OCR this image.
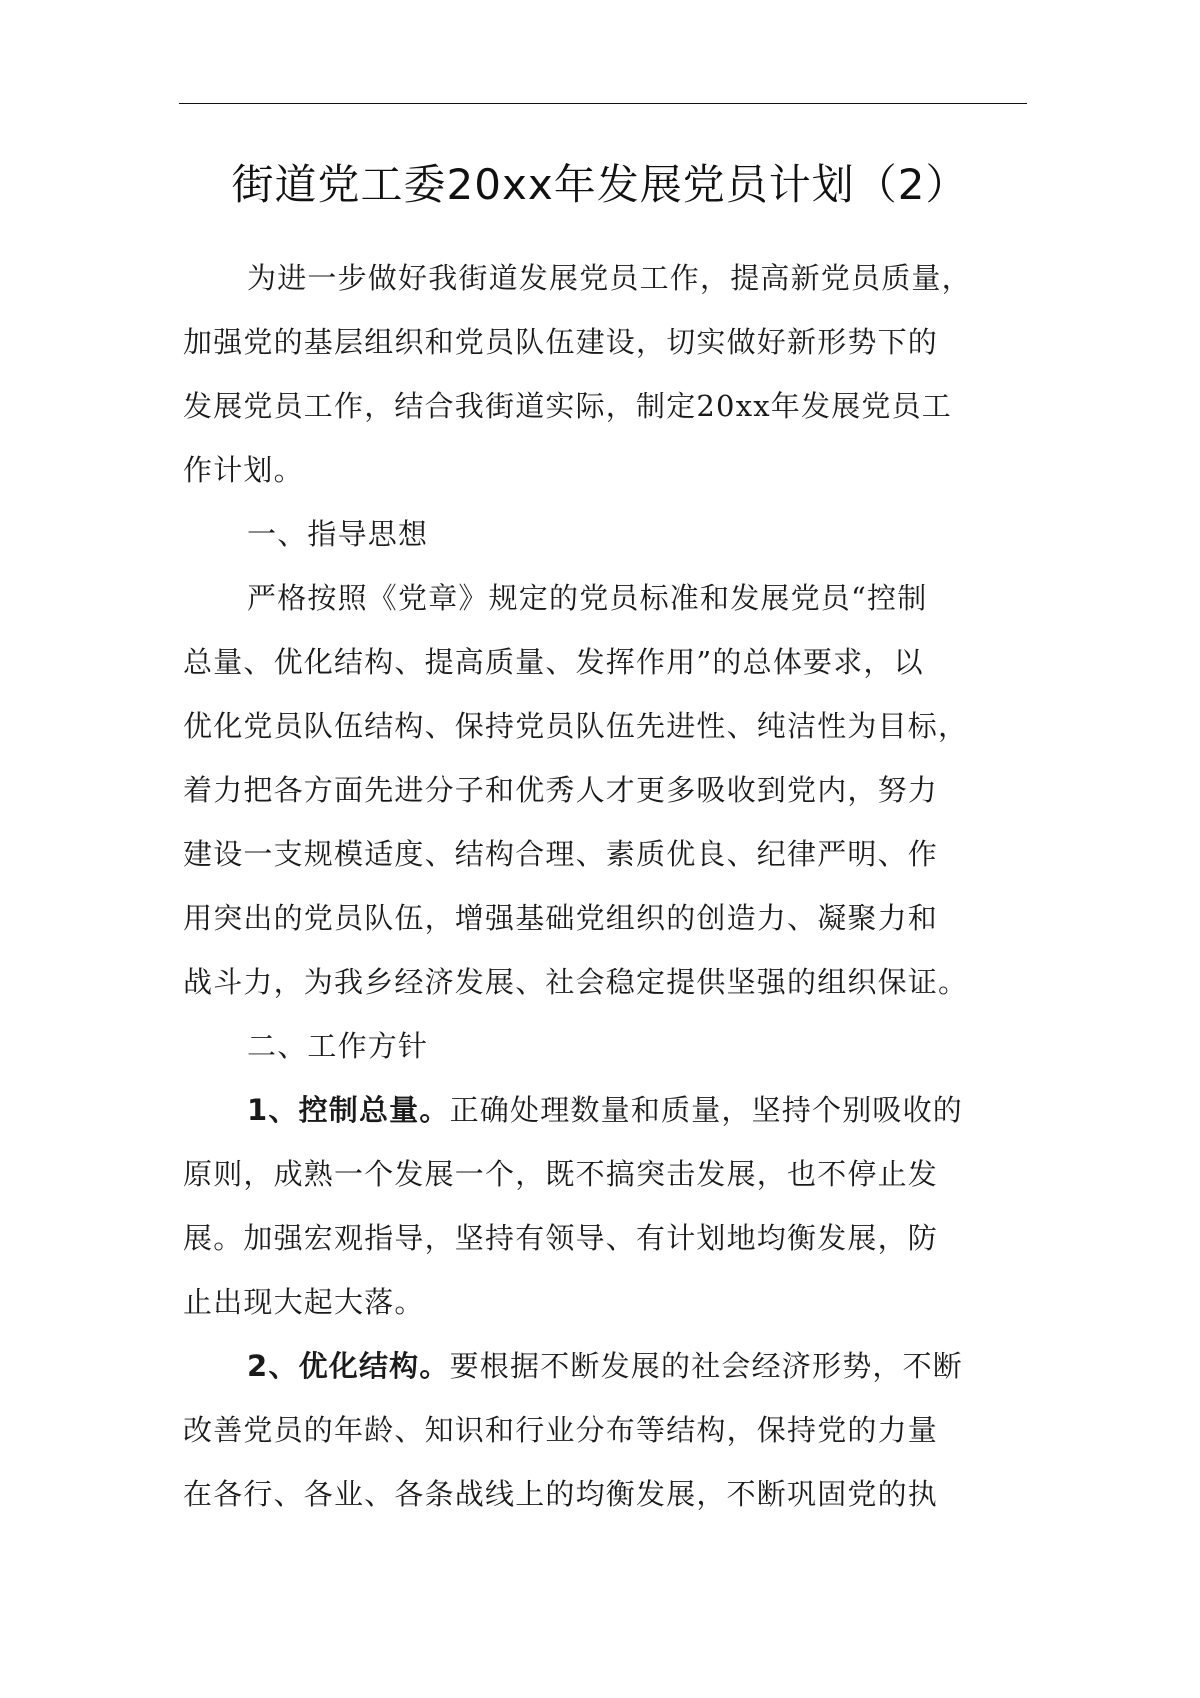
街道党工委20xx年发展党员计划（2）
为进一步做好我街道发展党员工作，提高新党员质量，
加强党的基层组织和党员队伍建设，切实做好新形势下的
发展党员工作，结合我街道实际，制定20xx年发展党员工
作计划。
一、指导思想
严格按照《党章》规定的党员标准和发展党员“控制
总量、优化结构、提高质量、发挥作用”的总体要求，以
优化党员队伍结构、保持党员队伍先进性、纯洁性为目标，
着力把各方面先进分子和优秀人才更多吸收到党内，努力
建设一支规模适度、结构合理、素质优良、纪律严明、作
用突出的党员队伍，增强基础党组织的创造力、凝聚力和
战斗力，为我乡经济发展、社会稳定提供坚强的组织保证。
二、工作方针
1、控制总量。正确处理数量和质量，坚持个别吸收的
原则，成熟一个发展一个，既不搞突击发展，也不停止发
展。加强宏观指导，坚持有领导、有计划地均衡发展，防
止出现大起大落。
2、优化结构。要根据不断发展的社会经济形势，不断
改善党员的年龄、知识和行业分布等结构，保持党的力量
在各行、各业、各条战线上的均衡发展，不断巩固党的执
